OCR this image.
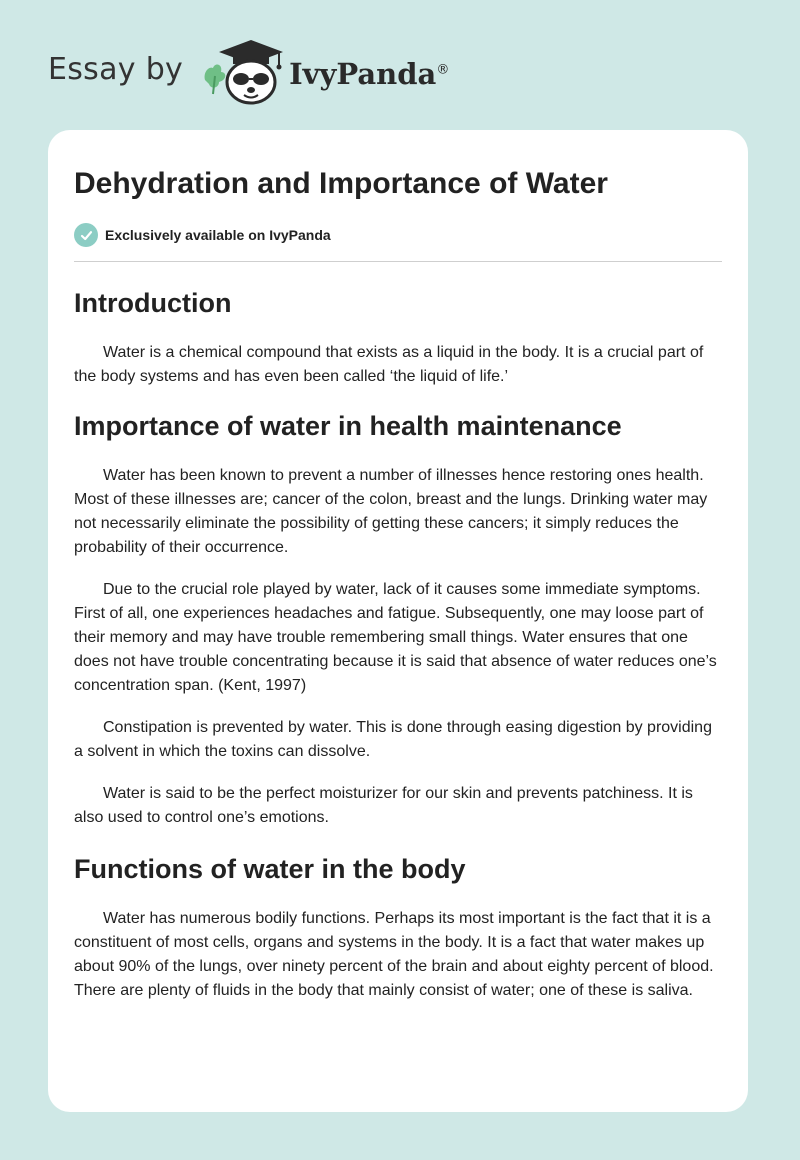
Essay by	IvyPanda®
Dehydration and Importance of Water
Exclusively available on IvyPanda
Introduction

Water is a chemical compound that exists as a liquid in the body. It is a crucial part of the body systems and has even been called ‘the liquid of life.’

Importance of water in health maintenance

Water has been known to prevent a number of illnesses hence restoring ones health. Most of these illnesses are; cancer of the colon, breast and the lungs. Drinking water may not necessarily eliminate the possibility of getting these cancers; it simply reduces the probability of their occurrence.

Due to the crucial role played by water, lack of it causes some immediate symptoms. First of all, one experiences headaches and fatigue. Subsequently, one may loose part of their memory and may have trouble remembering small things. Water ensures that one does not have trouble concentrating because it is said that absence of water reduces one’s concentration span. (Kent, 1997)

Constipation is prevented by water. This is done through easing digestion by providing a solvent in which the toxins can dissolve.

Water is said to be the perfect moisturizer for our skin and prevents patchiness. It is also used to control one’s emotions.

Functions of water in the body

Water has numerous bodily functions. Perhaps its most important is the fact that it is a constituent of most cells, organs and systems in the body. It is a fact that water makes up about 90% of the lungs, over ninety percent of the brain and about eighty percent of blood. There are plenty of fluids in the body that mainly consist of water; one of these is saliva.
